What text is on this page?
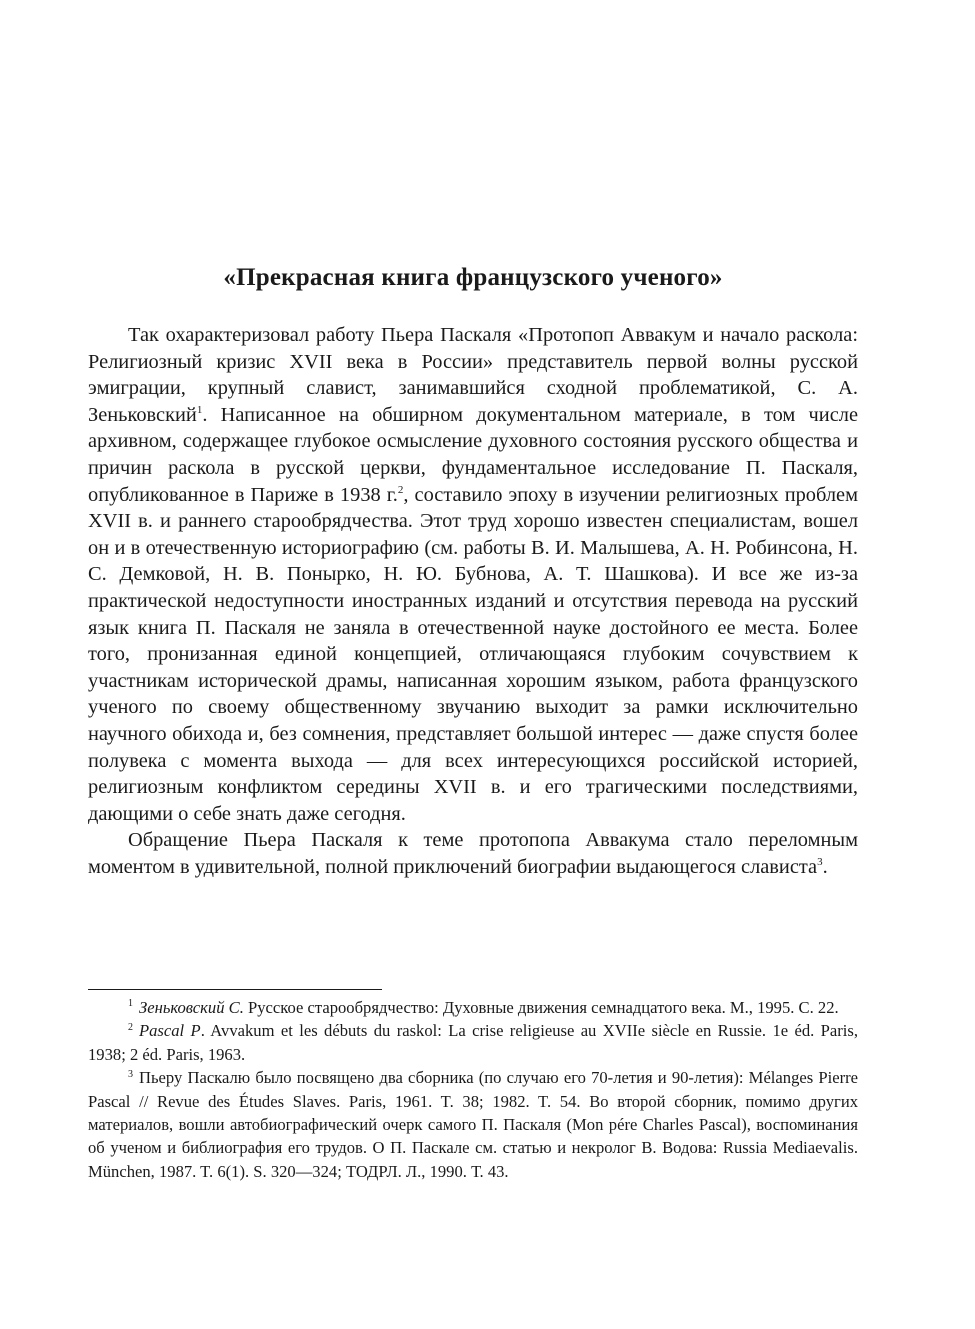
«Прекрасная книга французского ученого»

Так охарактеризовал работу Пьера Паскаля «Протопоп Аввакум и начало раскола: Религиозный кризис XVII века в России» представитель первой волны русской эмиграции, крупный славист, занимавшийся сходной проблематикой, С. А. Зеньковский$^1$. Написанное на обширном документальном материале, в том числе архивном, содержащее глубокое осмысление духовного состояния русского общества и причин раскола в русской церкви, фундаментальное исследование П. Паскаля, опубликованное в Париже в 1938 г.$^2$, составило эпоху в изучении религиозных проблем XVII в. и раннего старообрядчества. Этот труд хорошо известен специалистам, вошел он и в отечественную историографию (см. работы В. И. Малышева, А. Н. Робинсона, Н. С. Демковой, Н. В. Понырко, Н. Ю. Бубнова, А. Т. Шашкова). И все же из-за практической недоступности иностранных изданий и отсутствия перевода на русский язык книга П. Паскаля не заняла в отечественной науке достойного ее места. Более того, пронизанная единой концепцией, отличающаяся глубоким сочувствием к участникам исторической драмы, написанная хорошим языком, работа французского ученого по своему общественному звучанию выходит за рамки исключительно научного обихода и, без сомнения, представляет большой интерес — даже спустя более полувека с момента выхода — для всех интересующихся российской историей, религиозным конфликтом середины XVII в. и его трагическими последствиями, дающими о себе знать даже сегодня.

Обращение Пьера Паскаля к теме протопопа Аввакума стало переломным моментом в удивительной, полной приключений биографии выдающегося слависта$^3$.

$^1$ Зеньковский С. Русское старообрядчество: Духовные движения семнадцатого века. М., 1995. С. 22.

$^2$ Pascal P. Avvakum et les débuts du raskol: La crise religieuse au XVIIe siècle en Russie. 1e éd. Paris, 1938; 2 éd. Paris, 1963.

$^3$ Пьеру Паскалю было посвящено два сборника (по случаю его 70-летия и 90-летия): Mélanges Pierre Pascal // Revue des Études Slaves. Paris, 1961. T. 38; 1982. T. 54. Во второй сборник, помимо других материалов, вошли автобиографический очерк самого П. Паскаля (Mon pére Charles Pascal), воспоминания об ученом и библиография его трудов. О П. Паскале см. статью и некролог В. Водова: Russia Mediaevalis. München, 1987. T. 6(1). S. 320—324; ТОДРЛ. Л., 1990. Т. 43.
